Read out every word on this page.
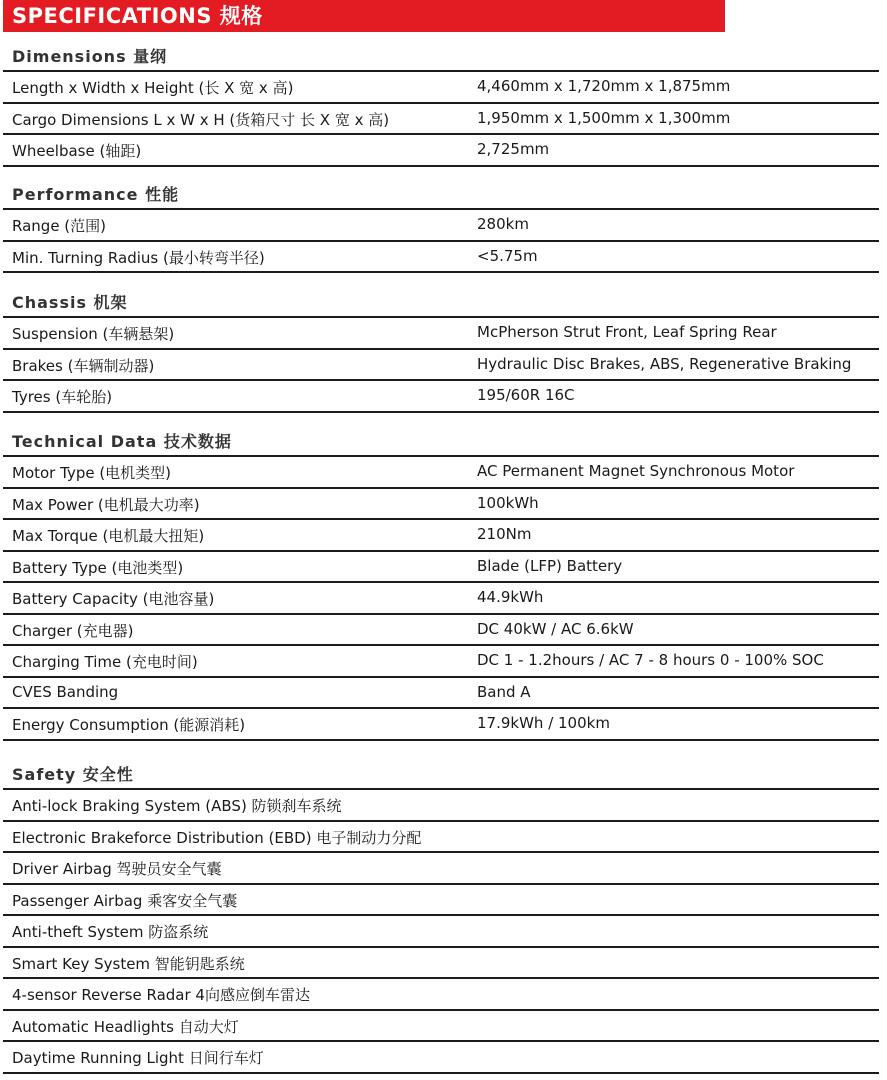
SPECIFICATIONS 规格
Dimensions 量纲
Length x Width x Height (长 X 宽 x 高)	4,460mm x 1,720mm x 1,875mm
Cargo Dimensions L x W x H (货箱尺寸 长 X 宽 x 高)	1,950mm x 1,500mm x 1,300mm
Wheelbase (轴距)	2,725mm
Performance 性能
Range (范围)	280km
Min. Turning Radius (最小转弯半径)	<5.75m
Chassis 机架
Suspension (车辆悬架)	McPherson Strut Front, Leaf Spring Rear
Brakes (车辆制动器)	Hydraulic Disc Brakes, ABS, Regenerative Braking
Tyres (车轮胎)	195/60R 16C
Technical Data 技术数据
Motor Type (电机类型)	AC Permanent Magnet Synchronous Motor
Max Power (电机最大功率)	100kWh
Max Torque (电机最大扭矩)	210Nm
Battery Type (电池类型)	Blade (LFP) Battery
Battery Capacity (电池容量)	44.9kWh
Charger (充电器)	DC 40kW / AC 6.6kW
Charging Time (充电时间)	DC 1 - 1.2hours / AC 7 - 8 hours 0 - 100% SOC
CVES Banding	Band A
Energy Consumption (能源消耗)	17.9kWh / 100km
Safety 安全性
Anti-lock Braking System (ABS) 防锁刹车系统
Electronic Brakeforce Distribution (EBD) 电子制动力分配
Driver Airbag 驾驶员安全气囊
Passenger Airbag 乘客安全气囊
Anti-theft System 防盗系统
Smart Key System 智能钥匙系统
4-sensor Reverse Radar 4向感应倒车雷达
Automatic Headlights 自动大灯
Daytime Running Light 日间行车灯
